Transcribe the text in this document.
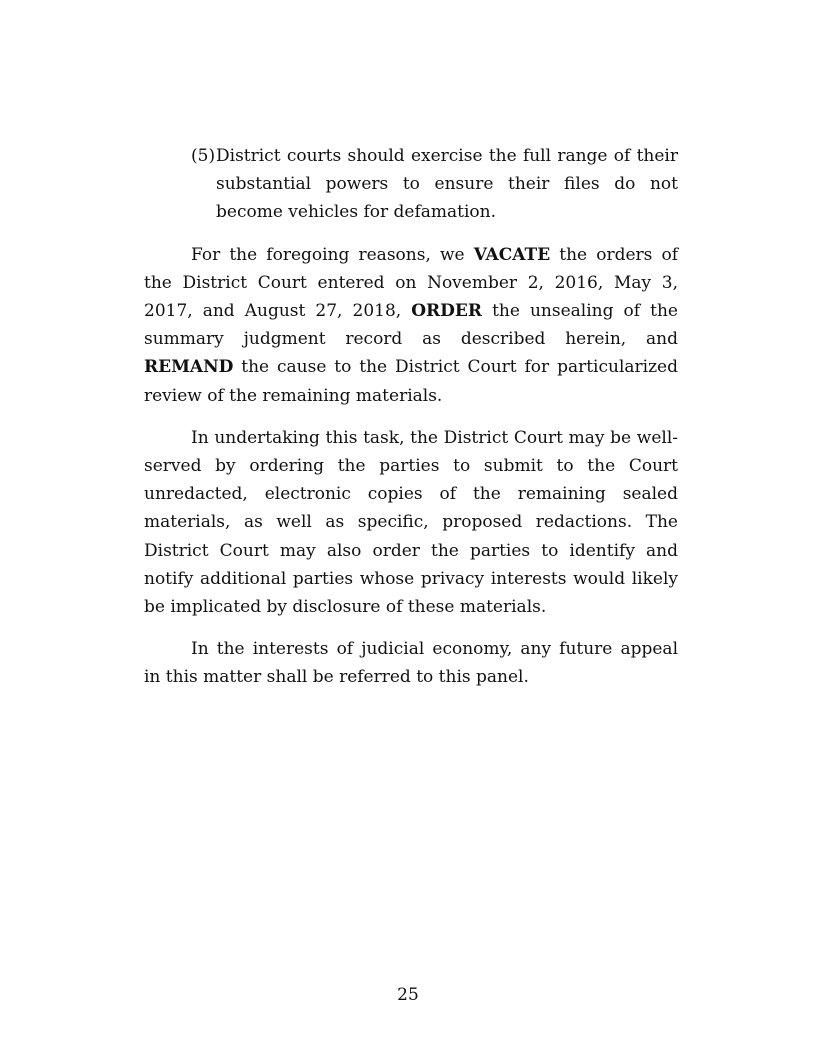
(5) District courts should exercise the full range of their substantial powers to ensure their files do not become vehicles for defamation.

For the foregoing reasons, we VACATE the orders of the District Court entered on November 2, 2016, May 3, 2017, and August 27, 2018, ORDER the unsealing of the summary judgment record as described herein, and REMAND the cause to the District Court for particularized review of the remaining materials.

In undertaking this task, the District Court may be well-served by ordering the parties to submit to the Court unredacted, electronic copies of the remaining sealed materials, as well as specific, proposed redactions. The District Court may also order the parties to identify and notify additional parties whose privacy interests would likely be implicated by disclosure of these materials.

In the interests of judicial economy, any future appeal in this matter shall be referred to this panel.

25
